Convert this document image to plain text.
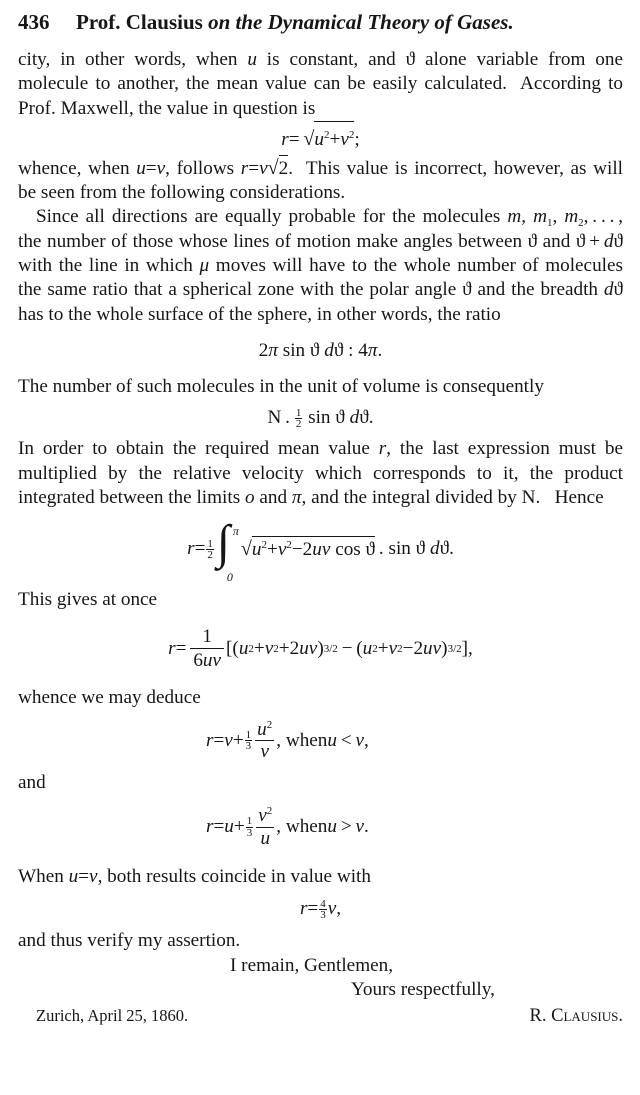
436	Prof. Clausius on the Dynamical Theory of Gases.

city, in other words, when u is constant, and ϑ alone variable from one molecule to another, the mean value can be easily calculated.  According to Prof. Maxwell, the value in question is

$r= √u^2+v^2$;

whence, when u=v, follows r=v√2.  This value is incorrect, however, as will be seen from the following considerations.

Since all directions are equally probable for the molecules m, $m_1$, $m_2$, . . . , the number of those whose lines of motion make angles between ϑ and ϑ + dϑ with the line in which μ moves will have to the whole number of molecules the same ratio that a spherical zone with the polar angle ϑ and the breadth dϑ has to the whole surface of the sphere, in other words, the ratio

2π sin ϑ dϑ : 4π.

The number of such molecules in the unit of volume is consequently

N .  $\frac{1}{2}$ sin ϑ dϑ.

In order to obtain the required mean value r, the last expression must be multiplied by the relative velocity which corresponds to it, the product integrated between the limits o and π, and the integral divided by N.   Hence

$r= \frac{1}{2}$ ∫ π
0
√ $u^2+v^2-2uv$ cos ϑ  . sin ϑ dϑ.

This gives at once

$r = \frac{1}{6uv}$ [( u 2 + v 2 +2 uv ) 3/2  − ( u 2 + v 2 −2 uv ) 3/2 ],

whence we may deduce

$r = v + \frac{1}{3} \frac{u^2}{v}$ , when u  <  v ,

and

$r = u + \frac{1}{3} \frac{v^2}{u}$ , when u  >  v .

When u=v, both results coincide in value with

$r= \frac{4}{3} v$,

and thus verify my assertion.

I remain, Gentlemen,
Yours respectfully,
Zurich, April 25, 1860.	R. Clausius.
